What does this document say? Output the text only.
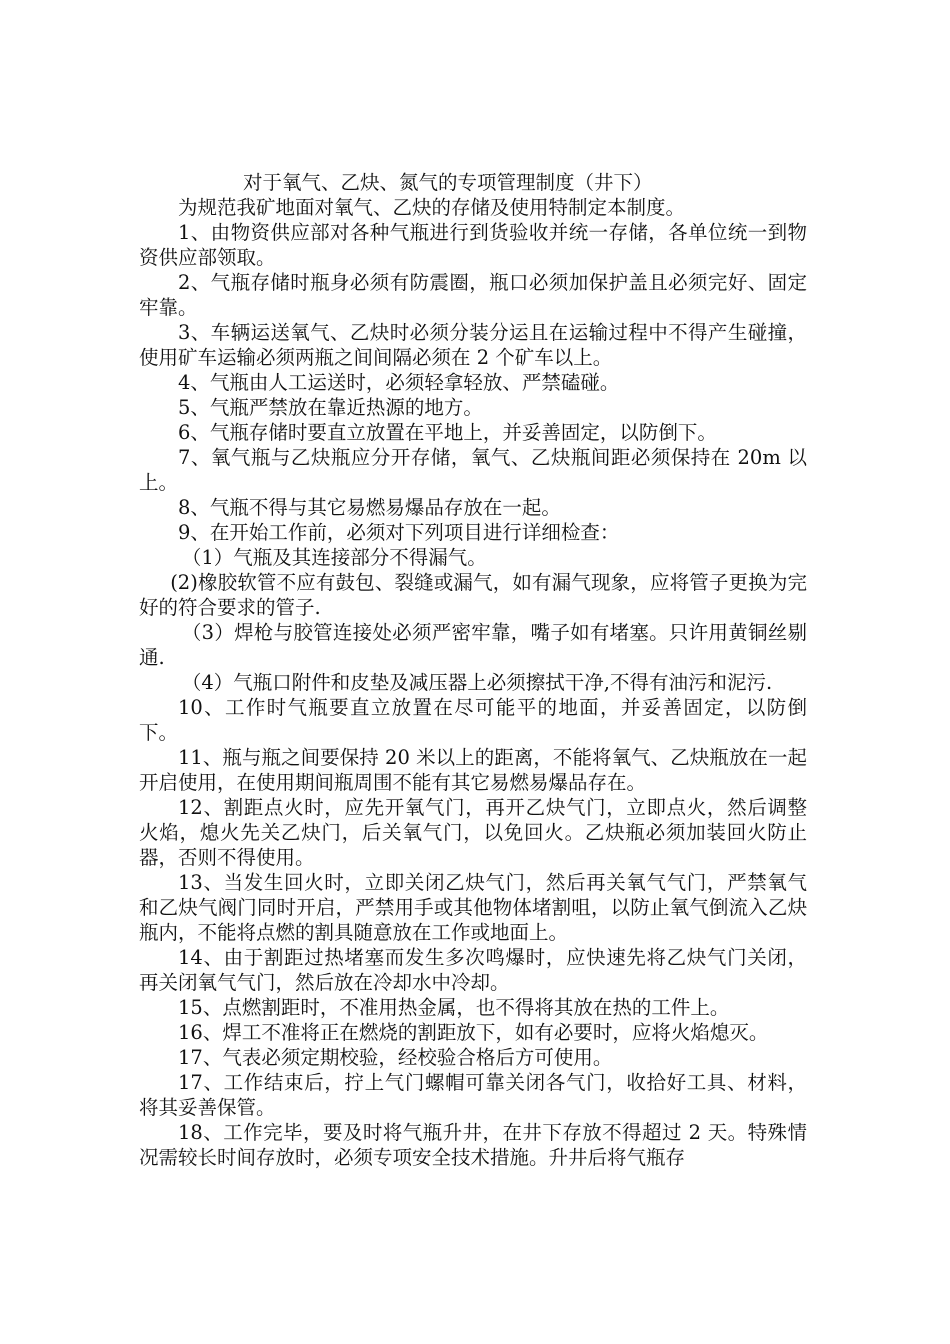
对于氧气、乙炔、氮气的专项管理制度（井下）
为规范我矿地面对氧气、乙炔的存储及使用特制定本制度。
1、由物资供应部对各种气瓶进行到货验收并统一存储，各单位统一到物资供应部领取。
2、气瓶存储时瓶身必须有防震圈，瓶口必须加保护盖且必须完好、固定牢靠。
3、车辆运送氧气、乙炔时必须分装分运且在运输过程中不得产生碰撞，使用矿车运输必须两瓶之间间隔必须在 2 个矿车以上。
4、气瓶由人工运送时，必须轻拿轻放、严禁磕碰。
5、气瓶严禁放在靠近热源的地方。
6、气瓶存储时要直立放置在平地上，并妥善固定，以防倒下。
7、氧气瓶与乙炔瓶应分开存储，氧气、乙炔瓶间距必须保持在 20m 以上。
8、气瓶不得与其它易燃易爆品存放在一起。
9、在开始工作前，必须对下列项目进行详细检查：
（1）气瓶及其连接部分不得漏气。
(2)橡胶软管不应有鼓包、裂缝或漏气，如有漏气现象，应将管子更换为完好的符合要求的管子.
（3）焊枪与胶管连接处必须严密牢靠，嘴子如有堵塞。只许用黄铜丝剔通.
（4）气瓶口附件和皮垫及减压器上必须擦拭干净,不得有油污和泥污.
10、工作时气瓶要直立放置在尽可能平的地面，并妥善固定，以防倒下。
11、瓶与瓶之间要保持 20 米以上的距离，不能将氧气、乙炔瓶放在一起开启使用，在使用期间瓶周围不能有其它易燃易爆品存在。
12、割距点火时，应先开氧气门，再开乙炔气门，立即点火，然后调整火焰，熄火先关乙炔门，后关氧气门，以免回火。乙炔瓶必须加装回火防止器，否则不得使用。
13、当发生回火时，立即关闭乙炔气门，然后再关氧气气门，严禁氧气和乙炔气阀门同时开启，严禁用手或其他物体堵割咀，以防止氧气倒流入乙炔瓶内，不能将点燃的割具随意放在工作或地面上。
14、由于割距过热堵塞而发生多次鸣爆时，应快速先将乙炔气门关闭，再关闭氧气气门，然后放在冷却水中冷却。
15、点燃割距时，不准用热金属，也不得将其放在热的工件上。
16、焊工不准将正在燃烧的割距放下，如有必要时，应将火焰熄灭。
17、气表必须定期校验，经校验合格后方可使用。
17、工作结束后，拧上气门螺帽可靠关闭各气门，收拾好工具、材料，将其妥善保管。
18、工作完毕，要及时将气瓶升井，在井下存放不得超过 2 天。特殊情况需较长时间存放时，必须专项安全技术措施。升井后将气瓶存
